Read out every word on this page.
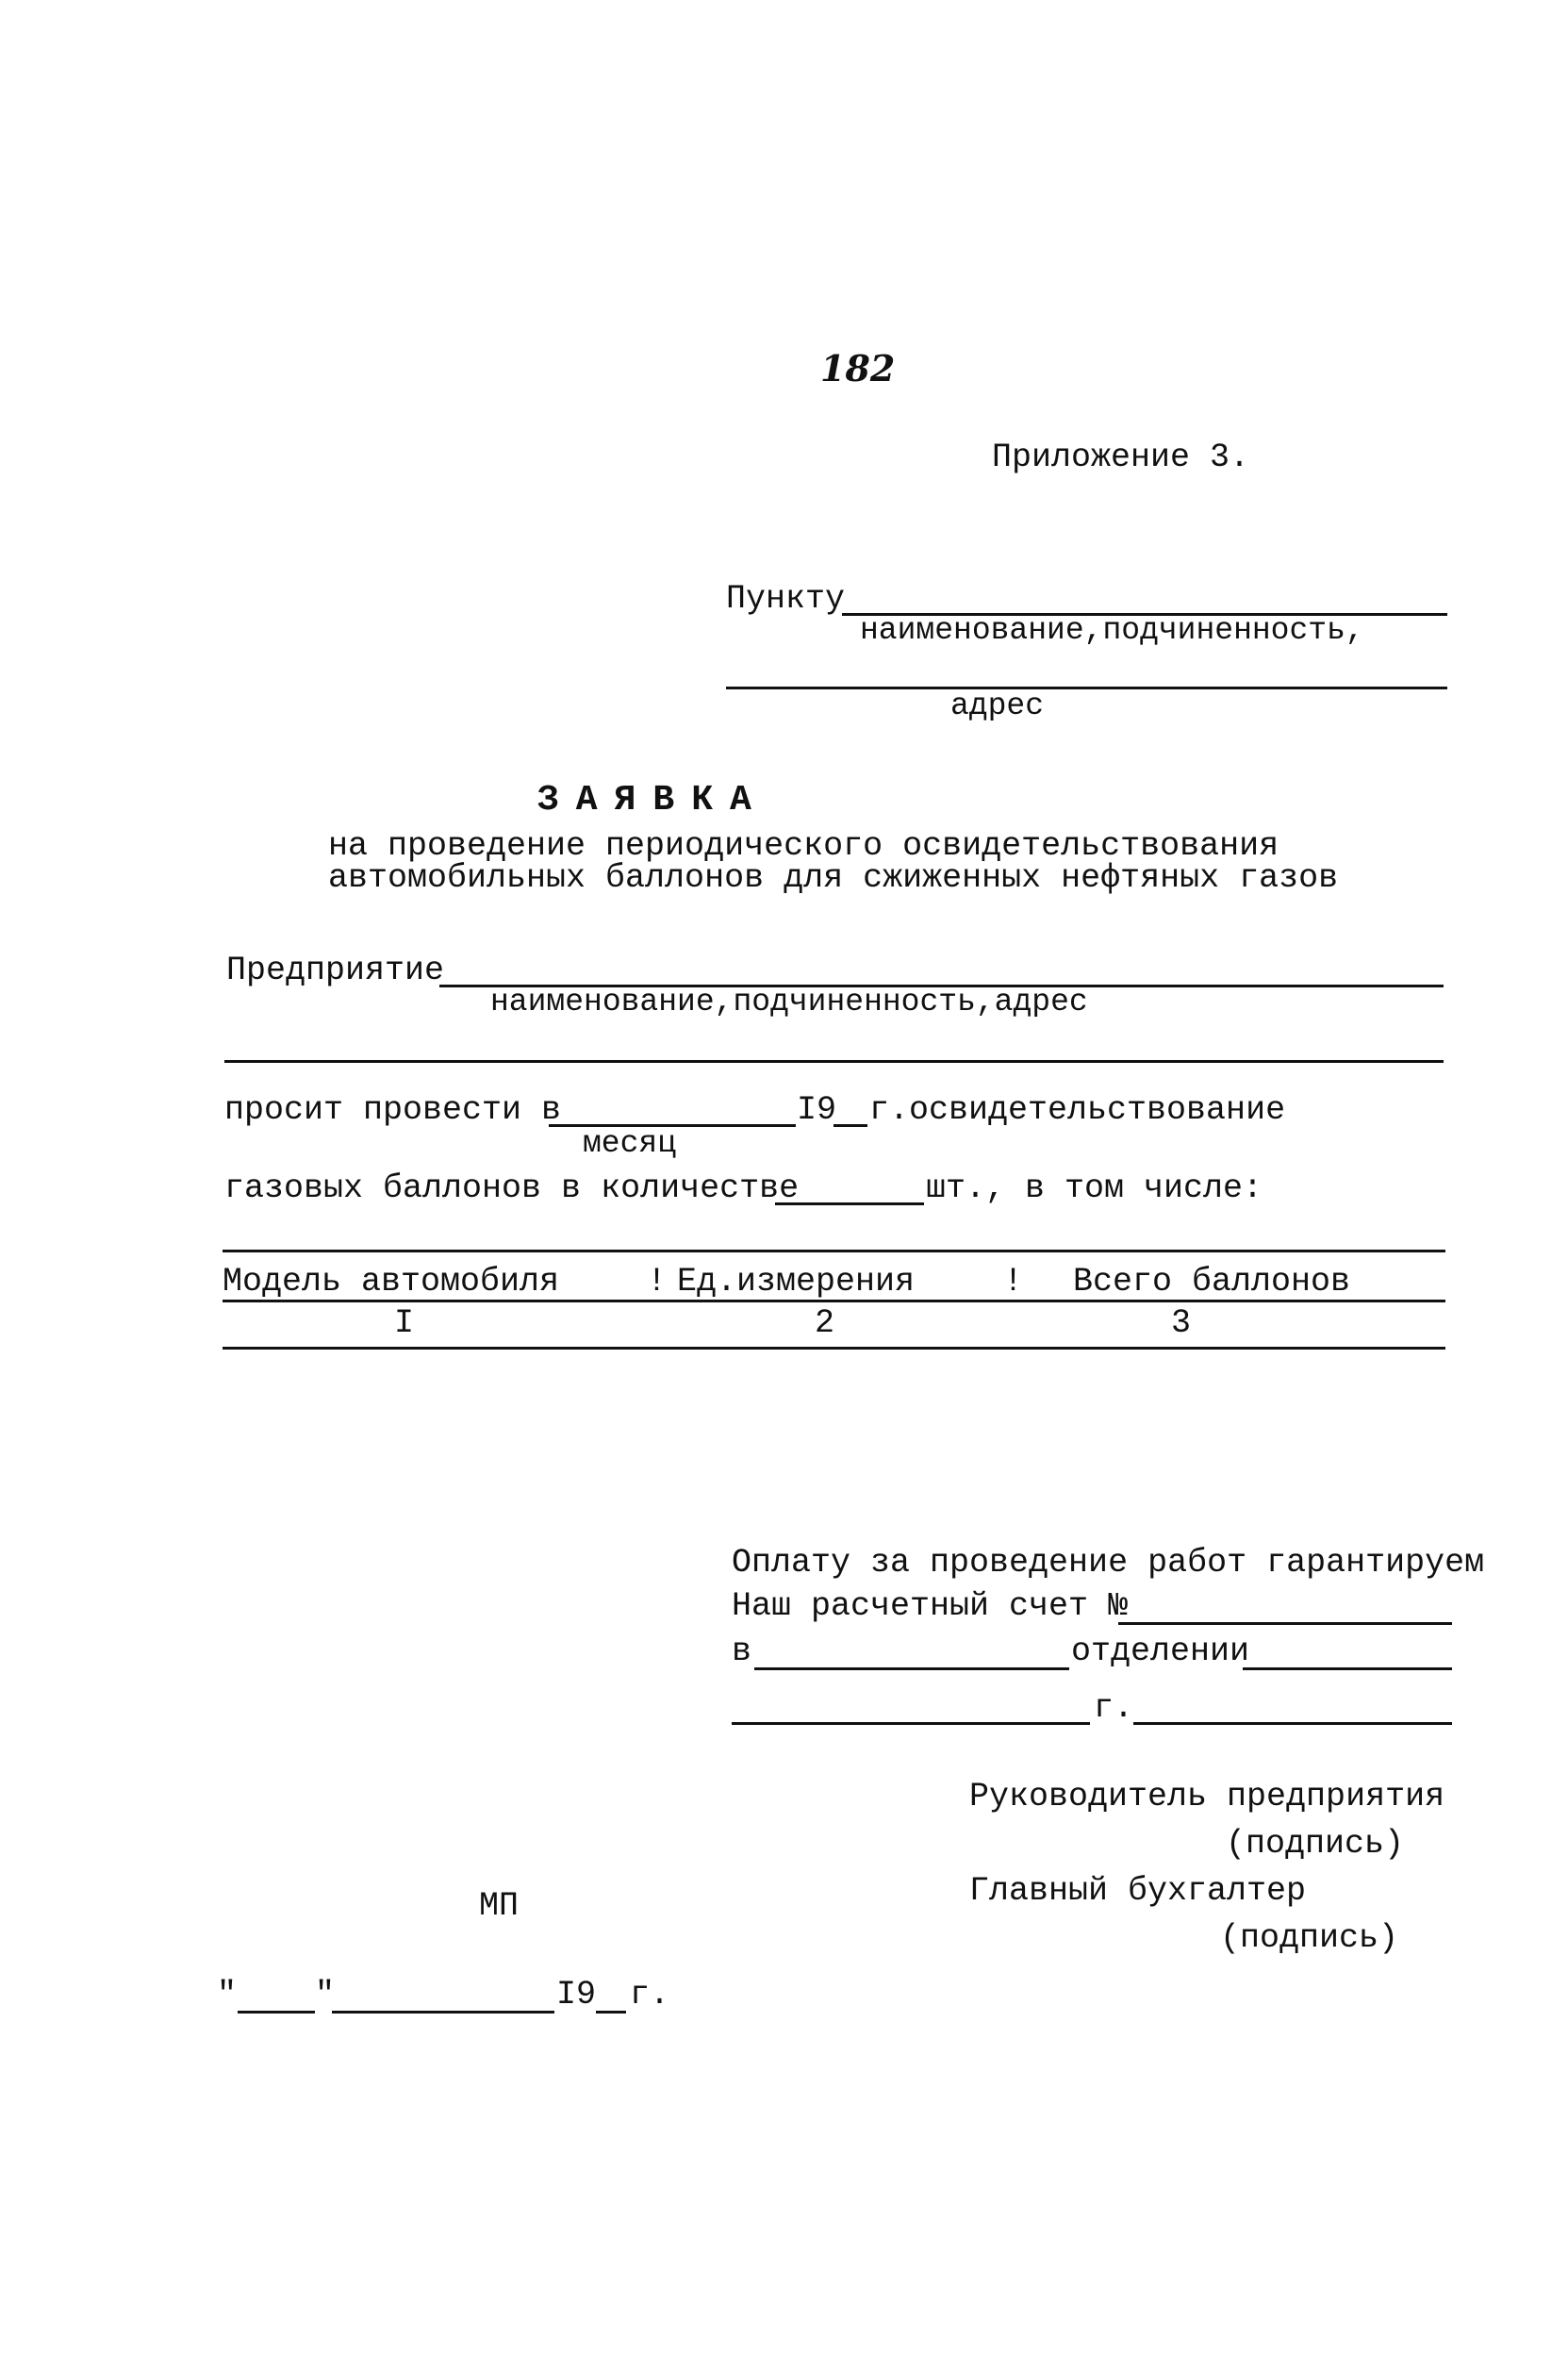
182
Приложение 3.
Пункту
наименование,подчиненность,
адрес
ЗАЯВКА
на проведение периодического освидетельствования
автомобильных баллонов для сжиженных нефтяных газов
Предприятие
наименование,подчиненность,адрес
просит провести в	I9 г.освидетельствование
месяц
газовых баллонов в количестве	шт., в том числе:
Модель автомобиля	! Ед.измерения	! Всего баллонов
I	2	3
Оплату за проведение работ гарантируем
Наш расчетный счет №
в	отделении
г.
Руководитель предприятия
(подпись)
Главный бухгалтер
(подпись)
МП
" "	I9 г.
